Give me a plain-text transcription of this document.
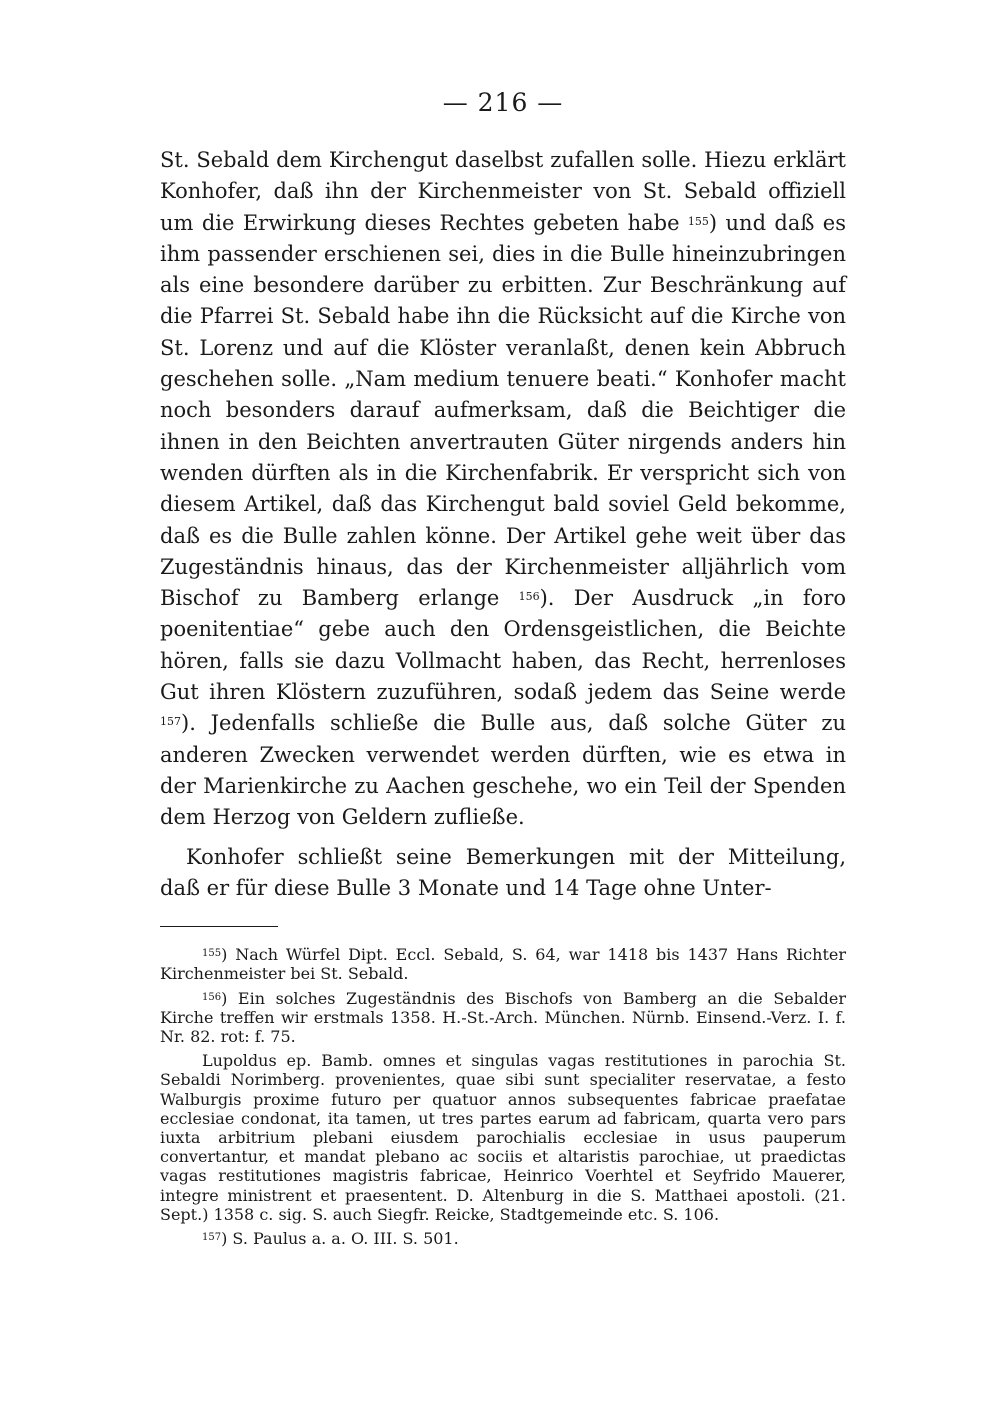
— 216 —

St. Sebald dem Kirchengut daselbst zufallen solle. Hiezu erklärt Konhofer, daß ihn der Kirchenmeister von St. Sebald offiziell um die Erwirkung dieses Rechtes gebeten habe $^{155}$) und daß es ihm passender erschienen sei, dies in die Bulle hineinzubringen als eine besondere darüber zu erbitten. Zur Beschränkung auf die Pfarrei St. Sebald habe ihn die Rücksicht auf die Kirche von St. Lorenz und auf die Klöster veranlaßt, denen kein Abbruch geschehen solle. „Nam medium tenuere beati.“ Konhofer macht noch besonders darauf aufmerksam, daß die Beichtiger die ihnen in den Beichten anvertrauten Güter nirgends anders hin wenden dürften als in die Kirchenfabrik. Er verspricht sich von diesem Artikel, daß das Kirchengut bald soviel Geld bekomme, daß es die Bulle zahlen könne. Der Artikel gehe weit über das Zugeständnis hinaus, das der Kirchenmeister alljährlich vom Bischof zu Bamberg erlange $^{156}$). Der Ausdruck „in foro poenitentiae“ gebe auch den Ordensgeistlichen, die Beichte hören, falls sie dazu Vollmacht haben, das Recht, herrenloses Gut ihren Klöstern zuzuführen, sodaß jedem das Seine werde $^{157}$). Jedenfalls schließe die Bulle aus, daß solche Güter zu anderen Zwecken verwendet werden dürften, wie es etwa in der Marienkirche zu Aachen geschehe, wo ein Teil der Spenden dem Herzog von Geldern zufließe.

Konhofer schließt seine Bemerkungen mit der Mitteilung, daß er für diese Bulle 3 Monate und 14 Tage ohne Unter-

$^{155}$) Nach Würfel Dipt. Eccl. Sebald, S. 64, war 1418 bis 1437 Hans Richter Kirchenmeister bei St. Sebald.

$^{156}$) Ein solches Zugeständnis des Bischofs von Bamberg an die Sebalder Kirche treffen wir erstmals 1358. H.-St.-Arch. München. Nürnb. Einsend.-Verz. I. f. Nr. 82. rot: f. 75.

Lupoldus ep. Bamb. omnes et singulas vagas restitutiones in parochia St. Sebaldi Norimberg. provenientes, quae sibi sunt specialiter reservatae, a festo Walburgis proxime futuro per quatuor annos subsequentes fabricae praefatae ecclesiae condonat, ita tamen, ut tres partes earum ad fabricam, quarta vero pars iuxta arbitrium plebani eiusdem parochialis ecclesiae in usus pauperum convertantur, et mandat plebano ac sociis et altaristis parochiae, ut praedictas vagas restitutiones magistris fabricae, Heinrico Voerhtel et Seyfrido Mauerer, integre ministrent et praesentent. D. Altenburg in die S. Matthaei apostoli. (21. Sept.) 1358 c. sig. S. auch Siegfr. Reicke, Stadtgemeinde etc. S. 106.

$^{157}$) S. Paulus a. a. O. III. S. 501.
